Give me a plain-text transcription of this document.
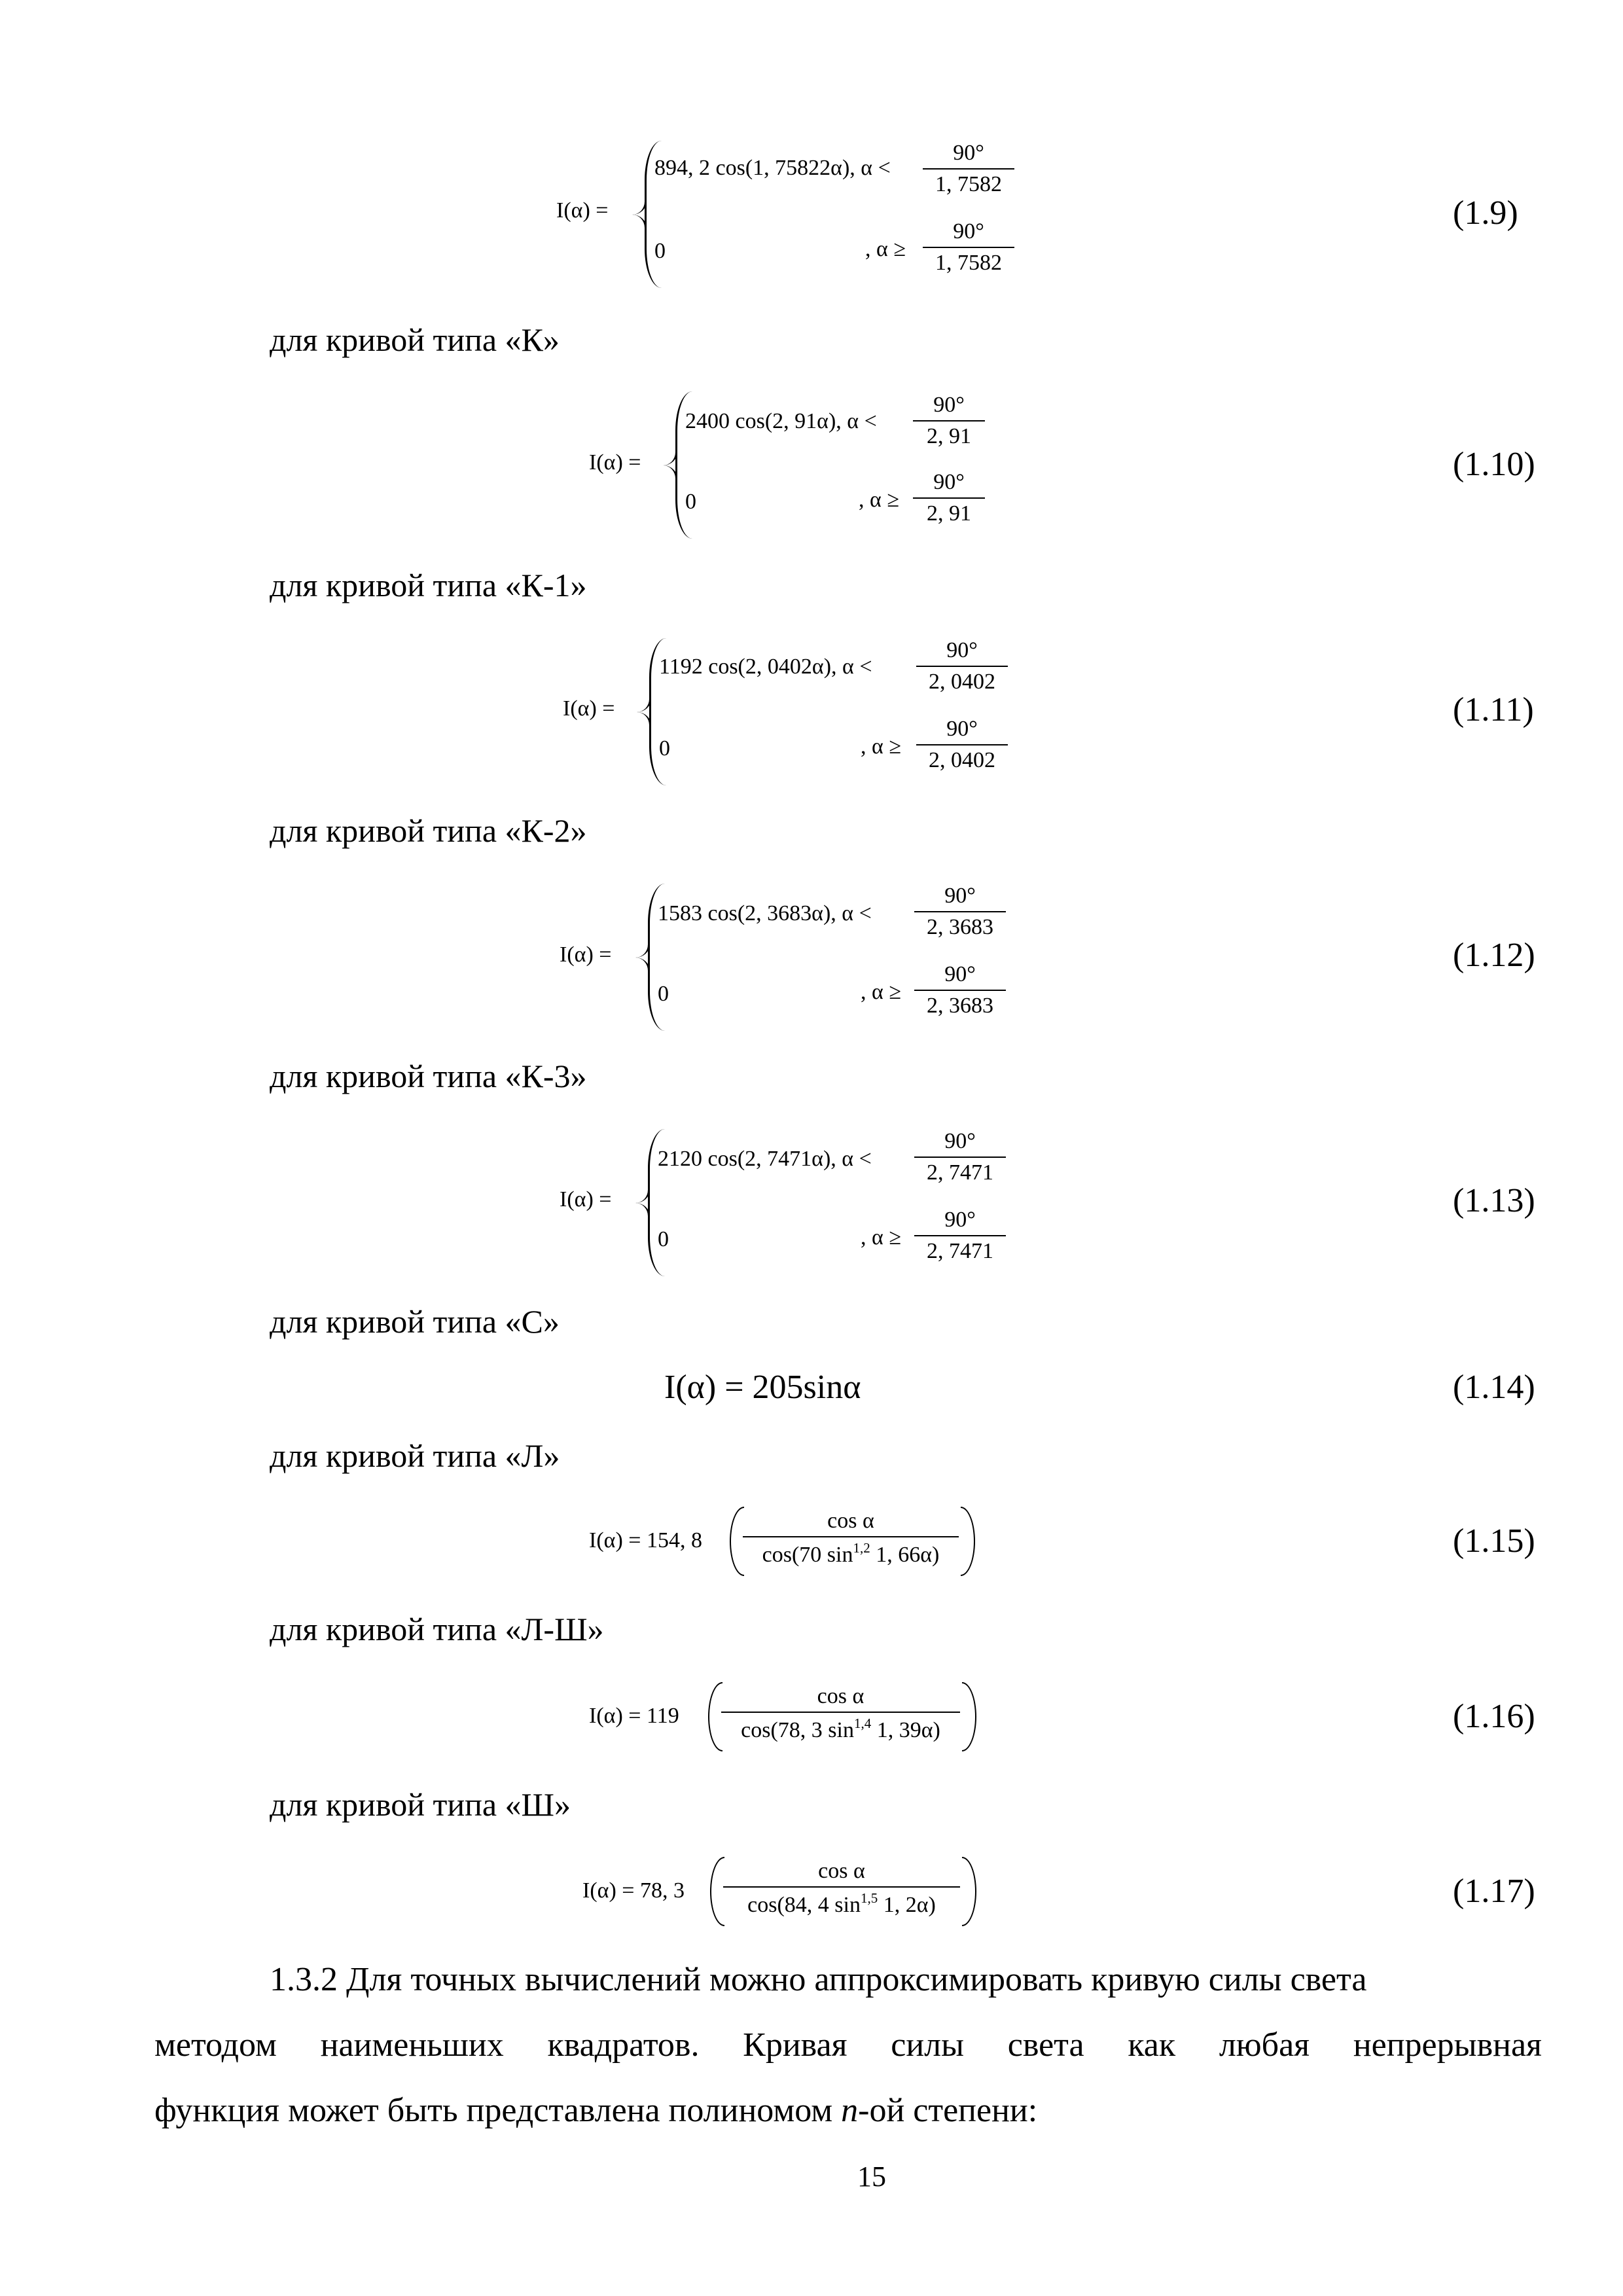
I(α) =
894, 2 cos(1, 75822α), $\alpha < \frac{90^\circ}{1, 7582}$
0	, $\alpha \ge \frac{90^\circ}{1, 7582}$
(1.9)
для кривой типа «К»
I(α) =
2400 cos(2, 91α), $\alpha < \frac{90^\circ}{2, 91}$
0	, $\alpha \ge \frac{90^\circ}{2, 91}$
(1.10)
для кривой типа «К-1»
I(α) =
1192 cos(2, 0402α), $\alpha < \frac{90^\circ}{2, 0402}$
0	, $\alpha \ge \frac{90^\circ}{2, 0402}$
(1.11)
для кривой типа «К-2»
I(α) =
1583 cos(2, 3683α), $\alpha < \frac{90^\circ}{2, 3683}$
0	, $\alpha \ge \frac{90^\circ}{2, 3683}$
(1.12)
для кривой типа «К-3»
I(α) =
2120 cos(2, 7471α), $\alpha < \frac{90^\circ}{2, 7471}$
0	, $\alpha \ge \frac{90^\circ}{2, 7471}$
(1.13)
для кривой типа «С»
I(α) = 205sinα	(1.14)
для кривой типа «Л»
I(α) = 154, $8 \frac{\text{cos α}}{\cos(70 \sin^{1,2} 1, 66\alpha)}$	(1.15)
для кривой типа «Л-Ш»
$I(\alpha) = 119 \frac{\text{cos α}}{\cos(78, 3 \sin^{1,4} 1, 39\alpha)}$	(1.16)
для кривой типа «Ш»
I(α) = 78, $3 \frac{\text{cos α}}{\cos(84, 4 \sin^{1,5} 1, 2\alpha)}$	(1.17)
1.3.2 Для точных вычислений можно аппроксимировать кривую силы света
методом наименьших квадратов. Кривая силы света как любая непрерывная
функция может быть представлена полиномом n-ой степени:
15
